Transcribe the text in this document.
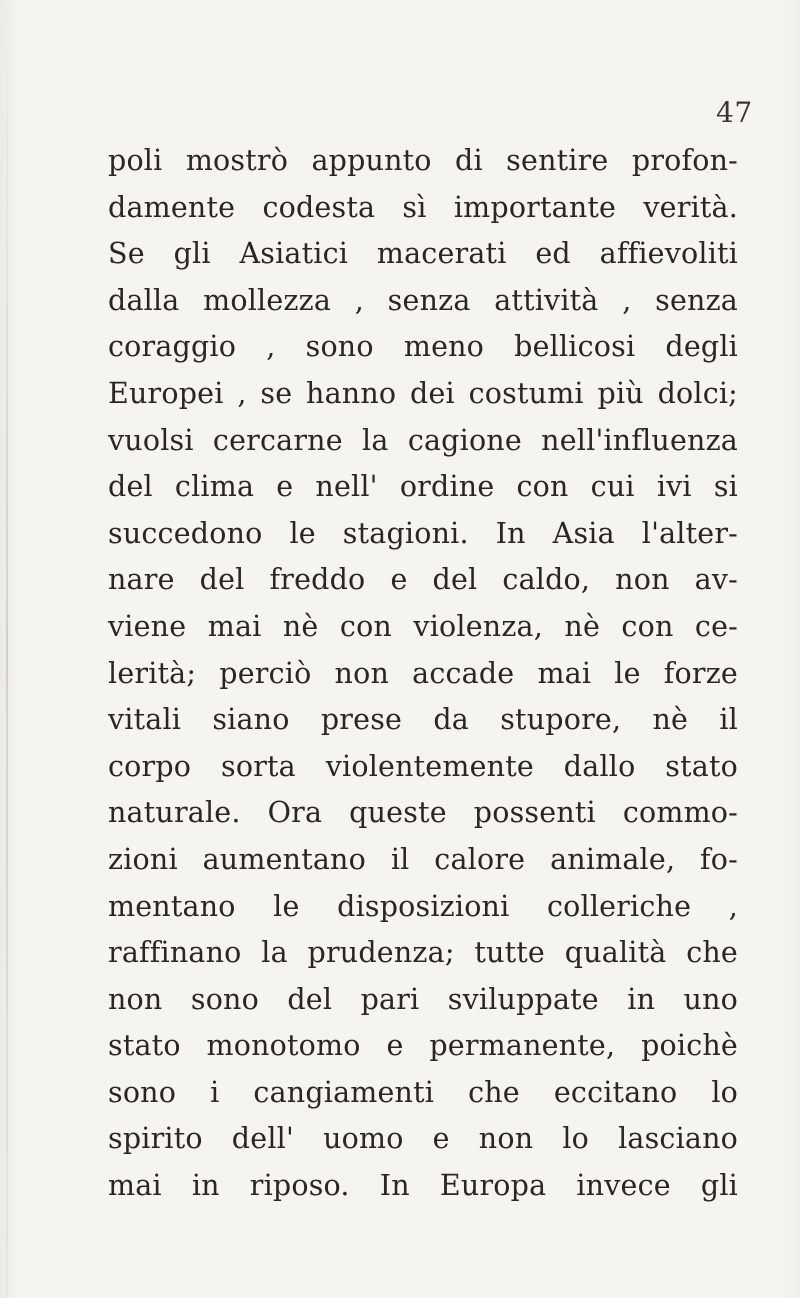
47
poli mostrò appunto di sentire profon-
damente codesta sì importante verità.
Se gli Asiatici macerati ed affievoliti
dalla mollezza , senza attività , senza
coraggio , sono meno bellicosi degli
Europei , se hanno dei costumi più dolci;
vuolsi cercarne la cagione nell'influenza
del clima e nell' ordine con cui ivi si
succedono le stagioni. In Asia l'alter-
nare del freddo e del caldo, non av-
viene mai nè con violenza, nè con ce-
lerità; perciò non accade mai le forze
vitali siano prese da stupore, nè il
corpo sorta violentemente dallo stato
naturale. Ora queste possenti commo-
zioni aumentano il calore animale, fo-
mentano le disposizioni colleriche ,
raffinano la prudenza; tutte qualità che
non sono del pari sviluppate in uno
stato monotomo e permanente, poichè
sono i cangiamenti che eccitano lo
spirito dell' uomo e non lo lasciano
mai in riposo. In Europa invece gli
